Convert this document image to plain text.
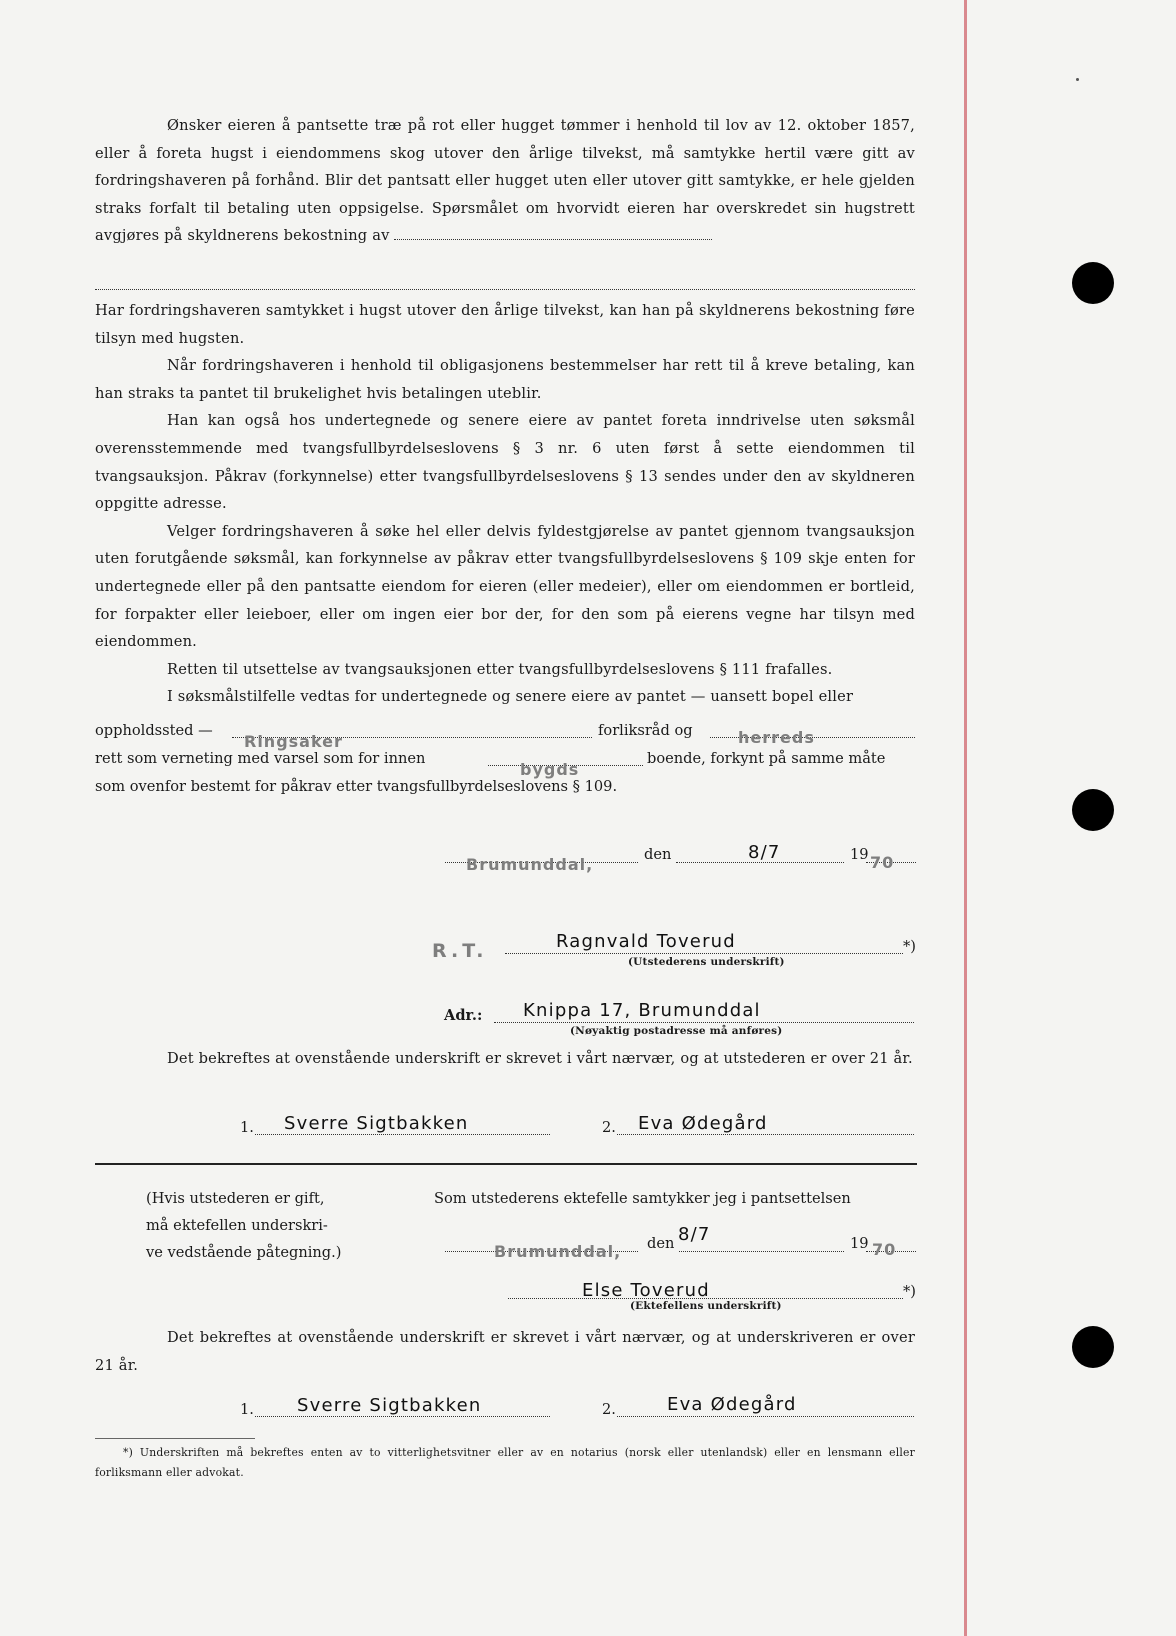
Ønsker eieren å pantsette træ på rot eller hugget tømmer i henhold til lov av 12. oktober 1857, eller å foreta hugst i eiendommens skog utover den årlige tilvekst, må samtykke hertil være gitt av fordringshaveren på forhånd. Blir det pantsatt eller hugget uten eller utover gitt samtykke, er hele gjelden straks forfalt til betaling uten oppsigelse. Spørsmålet om hvorvidt eieren har overskredet sin hugstrett avgjøres på skyldnerens bekostning av

Har fordringshaveren samtykket i hugst utover den årlige tilvekst, kan han på skyldnerens bekostning føre tilsyn med hugsten.

Når fordringshaveren i henhold til obligasjonens bestemmelser har rett til å kreve betaling, kan han straks ta pantet til brukelighet hvis betalingen uteblir.

Han kan også hos undertegnede og senere eiere av pantet foreta inndrivelse uten søksmål overensstemmende med tvangsfullbyrdelseslovens § 3 nr. 6 uten først å sette eiendommen til tvangsauksjon. Påkrav (forkynnelse) etter tvangsfullbyrdelseslovens § 13 sendes under den av skyldneren oppgitte adresse.

Velger fordringshaveren å søke hel eller delvis fyldestgjørelse av pantet gjennom tvangsauksjon uten forutgående søksmål, kan forkynnelse av påkrav etter tvangsfullbyrdelseslovens § 109 skje enten for undertegnede eller på den pantsatte eiendom for eieren (eller medeier), eller om eiendommen er bortleid, for forpakter eller leieboer, eller om ingen eier bor der, for den som på eierens vegne har tilsyn med eiendommen.

Retten til utsettelse av tvangsauksjonen etter tvangsfullbyrdelseslovens § 111 frafalles.

I søksmålstilfelle vedtas for undertegnede og senere eiere av pantet — uansett bopel eller

oppholdssted —	forliksråd og
Ringsaker	herreds
rett som verneting med varsel som for innen	boende, forkynt på samme måte
bygds
som ovenfor bestemt for påkrav etter tvangsfullbyrdelseslovens § 109.
Brumunddal,
den	8/7	19 70
R.T.	Ragnvald Toverud	*)
(Utstederens underskrift)
Adr.: Knippa 17, Brumunddal
(Nøyaktig postadresse må anføres)

Det bekreftes at ovenstående underskrift er skrevet i vårt nærvær, og at utstederen er over 21 år.

1. Sverre Sigtbakken	2. Eva Ødegård
(Hvis utstederen er gift,
må ektefellen underskri-
ve vedstående påtegning.)
Som utstederens ektefelle samtykker jeg i pantsettelsen
Brumunddal, den 8/7	19 70
Else Toverud	*)
(Ektefellens underskrift)

Det bekreftes at ovenstående underskrift er skrevet i vårt nærvær, og at underskriveren er over 21 år.

1. Sverre Sigtbakken	2.	Eva Ødegård

*) Underskriften må bekreftes enten av to vitterlighetsvitner eller av en notarius (norsk eller utenlandsk) eller en lensmann eller forliksmann eller advokat.
